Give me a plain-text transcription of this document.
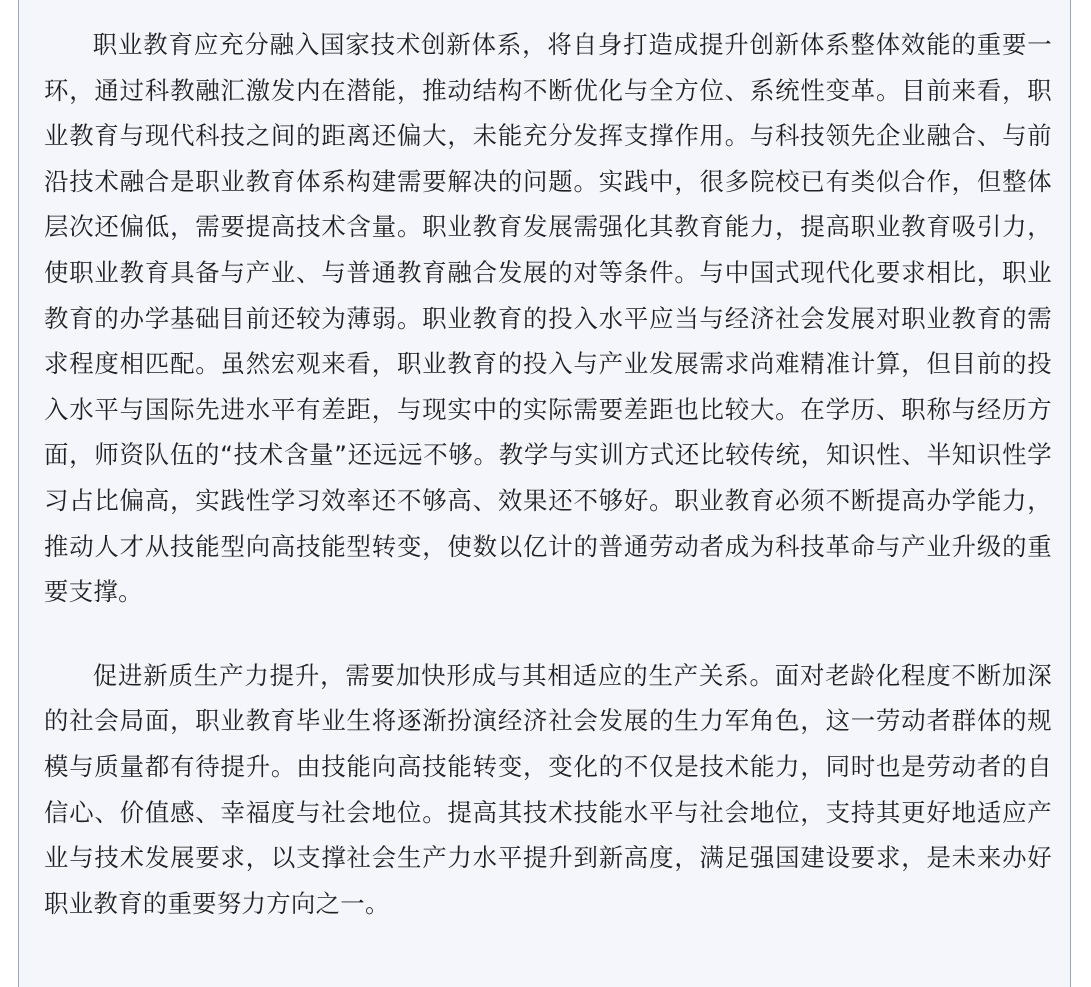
职业教育应充分融入国家技术创新体系，将自身打造成提升创新体系整体效能的重要一环，通过科教融汇激发内在潜能，推动结构不断优化与全方位、系统性变革。目前来看，职业教育与现代科技之间的距离还偏大，未能充分发挥支撑作用。与科技领先企业融合、与前沿技术融合是职业教育体系构建需要解决的问题。实践中，很多院校已有类似合作，但整体层次还偏低，需要提高技术含量。职业教育发展需强化其教育能力，提高职业教育吸引力，使职业教育具备与产业、与普通教育融合发展的对等条件。与中国式现代化要求相比，职业教育的办学基础目前还较为薄弱。职业教育的投入水平应当与经济社会发展对职业教育的需求程度相匹配。虽然宏观来看，职业教育的投入与产业发展需求尚难精准计算，但目前的投入水平与国际先进水平有差距，与现实中的实际需要差距也比较大。在学历、职称与经历方面，师资队伍的“技术含量”还远远不够。教学与实训方式还比较传统，知识性、半知识性学习占比偏高，实践性学习效率还不够高、效果还不够好。职业教育必须不断提高办学能力，推动人才从技能型向高技能型转变，使数以亿计的普通劳动者成为科技革命与产业升级的重要支撑。

促进新质生产力提升，需要加快形成与其相适应的生产关系。面对老龄化程度不断加深的社会局面，职业教育毕业生将逐渐扮演经济社会发展的生力军角色，这一劳动者群体的规模与质量都有待提升。由技能向高技能转变，变化的不仅是技术能力，同时也是劳动者的自信心、价值感、幸福度与社会地位。提高其技术技能水平与社会地位，支持其更好地适应产业与技术发展要求，以支撑社会生产力水平提升到新高度，满足强国建设要求，是未来办好职业教育的重要努力方向之一。
